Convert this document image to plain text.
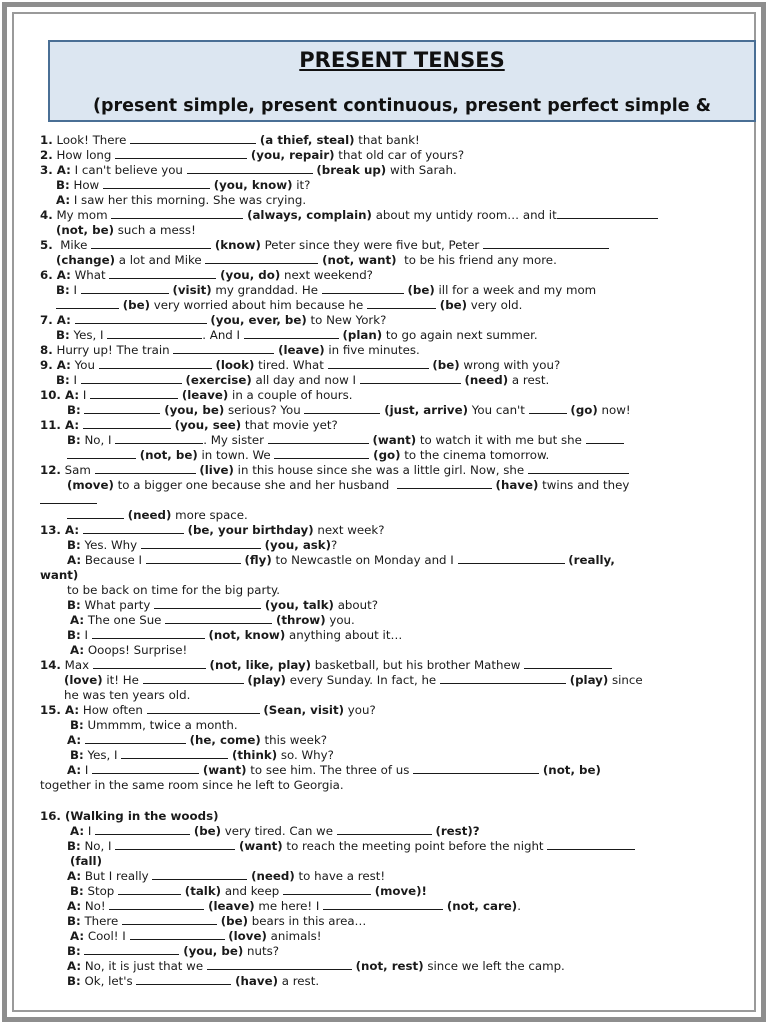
PRESENT TENSES
(present simple, present continuous, present perfect simple &

1. Look! There	(a thief, steal) that bank!
2. How long	(you, repair) that old car of yours?
3. A: I can't believe you	(break up) with Sarah.
B: How	(you, know) it?
A: I saw her this morning. She was crying.
4. My mom	(always, complain) about my untidy room… and it
(not, be) such a mess!
5.  Mike	(know) Peter since they were five but, Peter
(change) a lot and Mike	(not, want)  to be his friend any more.
6. A: What	(you, do) next weekend?
B: I	(visit) my granddad. He	(be) ill for a week and my mom
(be) very worried about him because he	(be) very old.
7. A:	(you, ever, be) to New York?
B: Yes, I	. And I	(plan) to go again next summer.
8. Hurry up! The train	(leave) in five minutes.
9. A: You	(look) tired. What	(be) wrong with you?
B: I	(exercise) all day and now I	(need) a rest.
10. A: I	(leave) in a couple of hours.
B:	(you, be) serious? You	(just, arrive) You can't	(go) now!
11. A:	(you, see) that movie yet?
B: No, I	. My sister	(want) to watch it with me but she
(not, be) in town. We	(go) to the cinema tomorrow.
12. Sam	(live) in this house since she was a little girl. Now, she
(move) to a bigger one because she and her husband	(have) twins and they
(need) more space.
13. A:	(be, your birthday) next week?
B: Yes. Why	(you, ask)?
A: Because I	(fly) to Newcastle on Monday and I	(really,
want)
to be back on time for the big party.
B: What party	(you, talk) about?
A: The one Sue	(throw) you.
B: I	(not, know) anything about it…
A: Ooops! Surprise!
14. Max	(not, like, play) basketball, but his brother Mathew
(love) it! He	(play) every Sunday. In fact, he	(play) since
he was ten years old.
15. A: How often	(Sean, visit) you?
B: Ummmm, twice a month.
A:	(he, come) this week?
B: Yes, I	(think) so. Why?
A: I	(want) to see him. The three of us	(not, be)
together in the same room since he left to Georgia.
16. (Walking in the woods)
A: I	(be) very tired. Can we	(rest)?
B: No, I	(want) to reach the meeting point before the night
(fall)
A: But I really	(need) to have a rest!
B: Stop	(talk) and keep	(move)!
A: No!	(leave) me here! I	(not, care).
B: There	(be) bears in this area…
A: Cool! I	(love) animals!
B:	(you, be) nuts?
A: No, it is just that we	(not, rest) since we left the camp.
B: Ok, let's	(have) a rest.
